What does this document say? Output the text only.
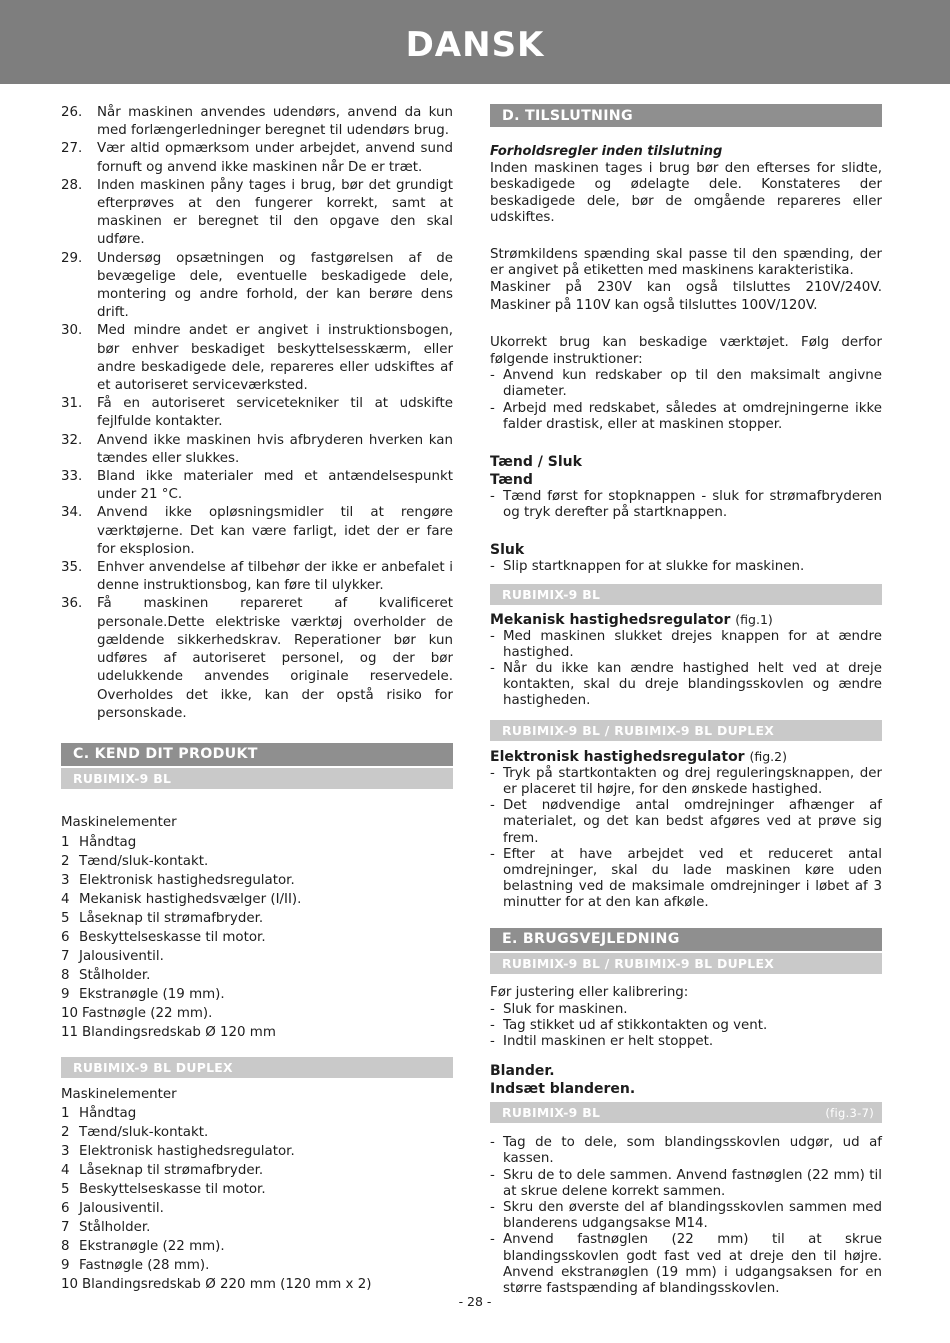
DANSK
26. Når maskinen anvendes udendørs, anvend da kun med forlængerledninger beregnet til udendørs brug.
27. Vær altid opmærksom under arbejdet, anvend sund fornuft og anvend ikke maskinen når De er træt.
28. Inden maskinen påny tages i brug, bør det grundigt efterprøves at den fungerer korrekt, samt at maskinen er beregnet til den opgave den skal udføre.
29. Undersøg opsætningen og fastgørelsen af de bevægelige dele, eventuelle beskadigede dele, montering og andre forhold, der kan berøre dens drift.
30. Med mindre andet er angivet i instruktionsbogen, bør enhver beskadiget beskyttelsesskærm, eller andre beskadigede dele, repareres eller udskiftes af et autoriseret serviceværksted.
31. Få en autoriseret servicetekniker til at udskifte fejlfulde kontakter.
32. Anvend ikke maskinen hvis afbryderen hverken kan tændes eller slukkes.
33. Bland ikke materialer med et antændelsespunkt under 21 °C.
34. Anvend ikke opløsningsmidler til at rengøre værktøjerne. Det kan være farligt, idet der er fare for eksplosion.
35. Enhver anvendelse af tilbehør der ikke er anbefalet i denne instruktionsbog, kan føre til ulykker.
36. Få maskinen repareret af kvalificeret personale.Dette elektriske værktøj overholder de gældende sikkerhedskrav. Reperationer bør kun udføres af autoriseret personel, og der bør udelukkende anvendes originale reservedele. Overholdes det ikke, kan der opstå risiko for personskade.
C. KEND DIT PRODUKT
RUBIMIX-9 BL

Maskinelementer

1 Håndtag
2 Tænd/sluk-kontakt.
3 Elektronisk hastighedsregulator.
4 Mekanisk hastighedsvælger (I/II).
5 Låseknap til strømafbryder.
6 Beskyttelseskasse til motor.
7 Jalousiventil.
8 Stålholder.
9 Ekstranøgle (19 mm).
10 Fastnøgle (22 mm).
11 Blandingsredskab Ø 120 mm
RUBIMIX-9 BL DUPLEX

Maskinelementer

1 Håndtag
2 Tænd/sluk-kontakt.
3 Elektronisk hastighedsregulator.
4 Låseknap til strømafbryder.
5 Beskyttelseskasse til motor.
6 Jalousiventil.
7 Stålholder.
8 Ekstranøgle (22 mm).
9 Fastnøgle (28 mm).
10 Blandingsredskab Ø 220 mm (120 mm x 2)
D. TILSLUTNING

Forholdsregler inden tilslutning

Inden maskinen tages i brug bør den efterses for slidte, beskadigede og ødelagte dele. Konstateres der beskadigede dele, bør de omgående repareres eller udskiftes.

Strømkildens spænding skal passe til den spænding, der er angivet på etiketten med maskinens karakteristika.

Maskiner på 230V kan også tilsluttes 210V/240V. Maskiner på 110V kan også tilsluttes 100V/120V.

Ukorrekt brug kan beskadige værktøjet. Følg derfor følgende instruktioner:

- Anvend kun redskaber op til den maksimalt angivne diameter.
- Arbejd med redskabet, således at omdrejningerne ikke falder drastisk, eller at maskinen stopper.

Tænd / Sluk

Tænd

- Tænd først for stopknappen - sluk for strømafbryderen og tryk derefter på startknappen.

Sluk

- Slip startknappen for at slukke for maskinen.
RUBIMIX-9 BL

Mekanisk hastighedsregulator (fig.1)

- Med maskinen slukket drejes knappen for at ændre hastighed.
- Når du ikke kan ændre hastighed helt ved at dreje kontakten, skal du dreje blandingsskovlen og ændre hastigheden.
RUBIMIX-9 BL / RUBIMIX-9 BL DUPLEX

Elektronisk hastighedsregulator (fig.2)

- Tryk på startkontakten og drej reguleringsknappen, der er placeret til højre, for den ønskede hastighed.
- Det nødvendige antal omdrejninger afhænger af materialet, og det kan bedst afgøres ved at prøve sig frem.
- Efter at have arbejdet ved et reduceret antal omdrejninger, skal du lade maskinen køre uden belastning ved de maksimale omdrejninger i løbet af 3 minutter for at den kan afkøle.
E. BRUGSVEJLEDNING
RUBIMIX-9 BL / RUBIMIX-9 BL DUPLEX

Før justering eller kalibrering:

- Sluk for maskinen.
- Tag stikket ud af stikkontakten og vent.
- Indtil maskinen er helt stoppet.

Blander.

Indsæt blanderen.

RUBIMIX-9 BL	(fig.3-7)
- Tag de to dele, som blandingsskovlen udgør, ud af kassen.
- Skru de to dele sammen. Anvend fastnøglen (22 mm) til at skrue delene korrekt sammen.
- Skru den øverste del af blandingsskovlen sammen med blanderens udgangsakse M14.
- Anvend fastnøglen (22 mm) til at skrue blandingsskovlen godt fast ved at dreje den til højre. Anvend ekstranøglen (19 mm) i udgangsaksen for en større fastspænding af blandingsskovlen.
- 28 -
